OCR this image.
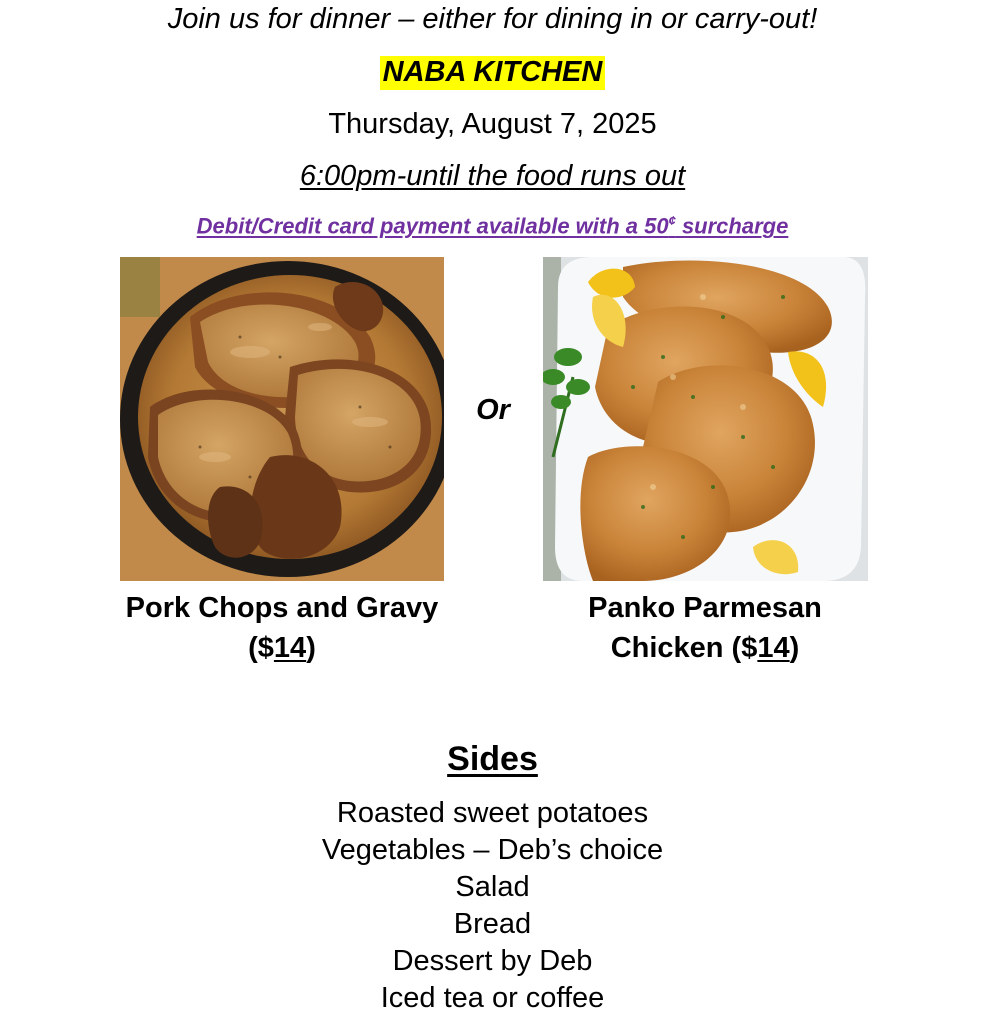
Join us for dinner – either for dining in or carry-out!
NABA KITCHEN
Thursday, August 7, 2025
6:00pm-until the food runs out
Debit/Credit card payment available with a 50¢ surcharge
Or
Pork Chops and Gravy
($14)
Panko Parmesan
Chicken ($14)
Sides
Roasted sweet potatoes
Vegetables – Deb’s choice
Salad
Bread
Dessert by Deb
Iced tea or coffee
